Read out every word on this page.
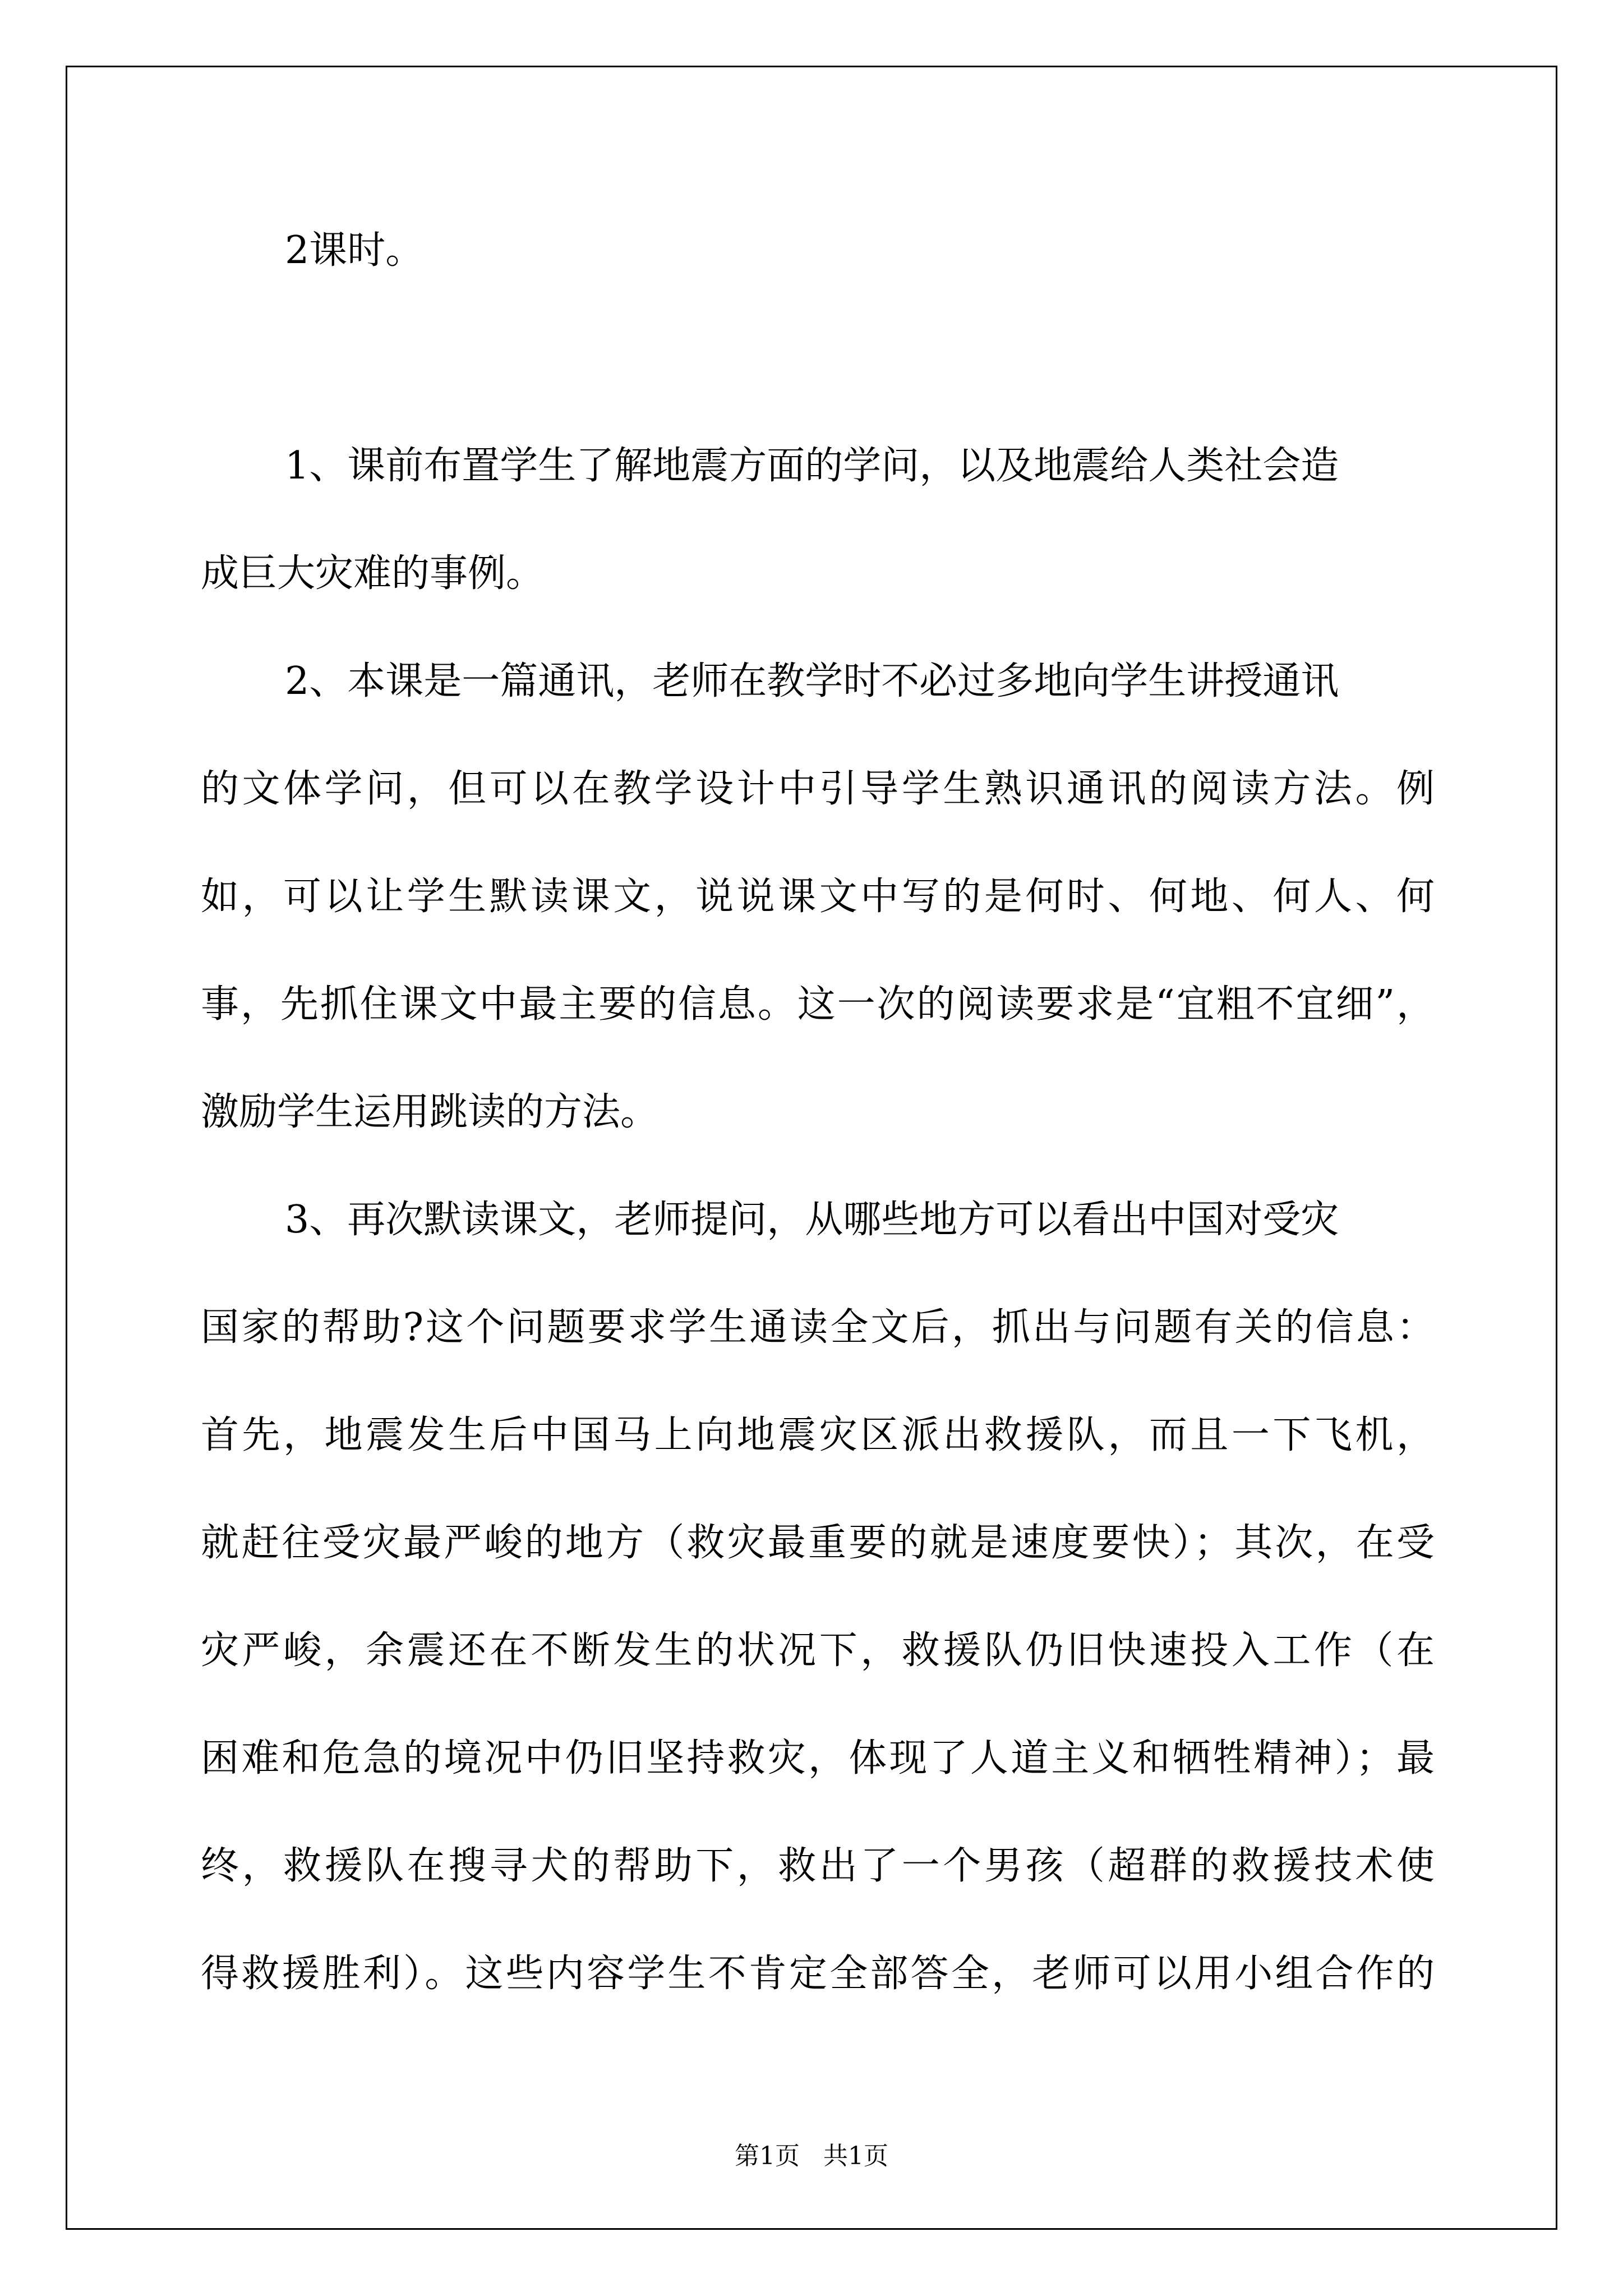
2课时。
1、课前布置学生了解地震方面的学问，以及地震给人类社会造
成巨大灾难的事例。
2、本课是一篇通讯，老师在教学时不必过多地向学生讲授通讯
的文体学问，但可以在教学设计中引导学生熟识通讯的阅读方法。例
如，可以让学生默读课文，说说课文中写的是何时、何地、何人、何
事，先抓住课文中最主要的信息。这一次的阅读要求是“宜粗不宜细”，
激励学生运用跳读的方法。
3、再次默读课文，老师提问，从哪些地方可以看出中国对受灾
国家的帮助?这个问题要求学生通读全文后，抓出与问题有关的信息：
首先，地震发生后中国马上向地震灾区派出救援队，而且一下飞机，
就赶往受灾最严峻的地方（救灾最重要的就是速度要快）；其次，在受
灾严峻，余震还在不断发生的状况下，救援队仍旧快速投入工作（在
困难和危急的境况中仍旧坚持救灾，体现了人道主义和牺牲精神）；最
终，救援队在搜寻犬的帮助下，救出了一个男孩（超群的救援技术使
得救援胜利）。这些内容学生不肯定全部答全，老师可以用小组合作的
第1页 共1页
